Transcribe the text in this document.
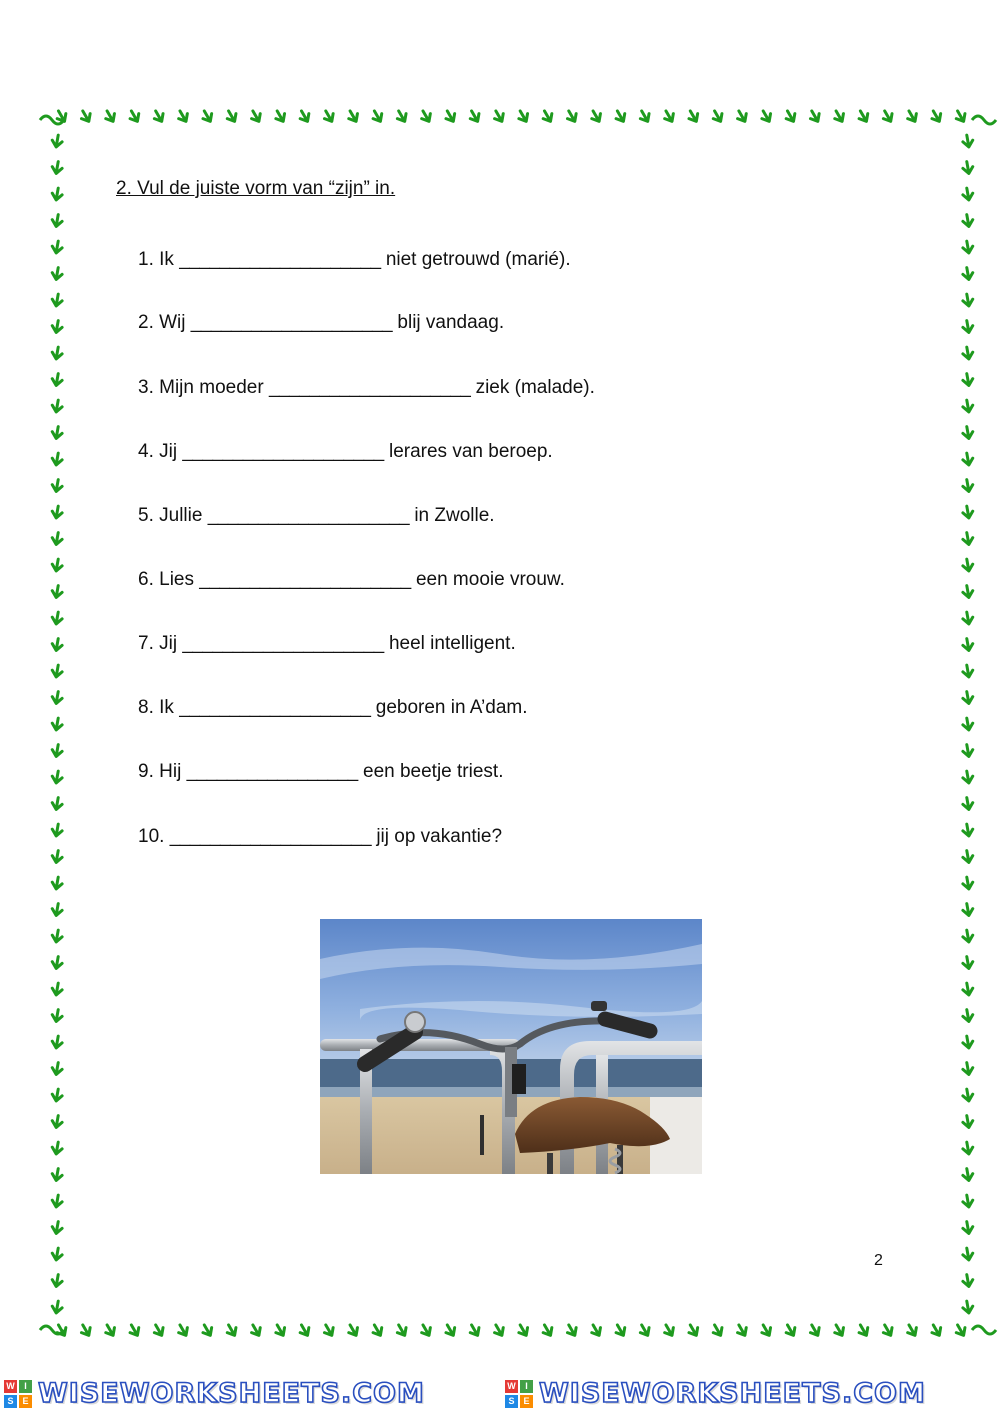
2. Vul de juiste vorm van “zijn” in.
1. Ik ____________________ niet getrouwd (marié).
2. Wij ____________________ blij vandaag.
3. Mijn moeder ____________________ ziek (malade).
4. Jij ____________________ lerares van beroep.
5. Jullie ____________________ in Zwolle.
6. Lies _____________________ een mooie vrouw.
7. Jij ____________________ heel intelligent.
8. Ik ___________________ geboren in A’dam.
9. Hij _________________ een beetje triest.
10. ____________________ jij op vakantie?
2
W	I
S E WISEWORKSHEETS.COM	W	I
S E WISEWORKSHEETS.COM
